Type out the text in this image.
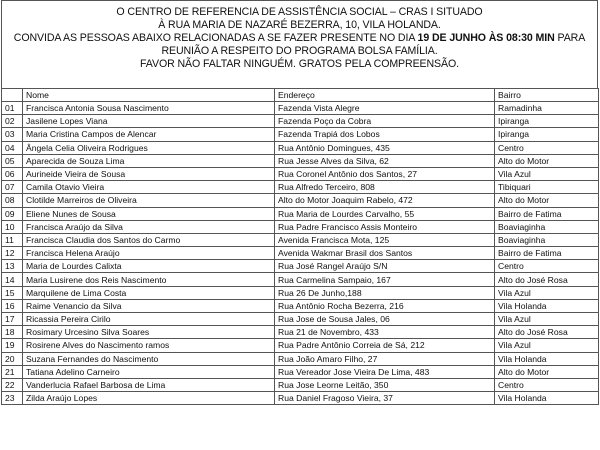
O CENTRO DE REFERENCIA DE ASSISTÊNCIA SOCIAL – CRAS I SITUADO
À RUA MARIA DE NAZARÉ BEZERRA, 10, VILA HOLANDA.
CONVIDA AS PESSOAS ABAIXO RELACIONADAS A SE FAZER PRESENTE NO DIA 19 DE JUNHO ÀS 08:30 MIN PARA
REUNIÃO A RESPEITO DO PROGRAMA BOLSA FAMÍLIA.
FAVOR NÃO FALTAR NINGUÉM. GRATOS PELA COMPREENSÃO.
	Nome	Endereço	Bairro
01	Francisca Antonia Sousa Nascimento	Fazenda Vista Alegre	Ramadinha
02	Jasilene Lopes Viana	Fazenda Poço da Cobra	Ipiranga
03	Maria Cristina Campos de Alencar	Fazenda Trapiá dos Lobos	Ipiranga
04	Ângela Celia Oliveira Rodrigues	Rua Antônio Domingues, 435	Centro
05	Aparecida de Souza Lima	Rua Jesse Alves da Silva, 62	Alto do Motor
06	Aurineide Vieira de Sousa	Rua Coronel Antônio dos Santos, 27	Vila Azul
07	Camila Otavio Vieira	Rua Alfredo Terceiro, 808	Tibiquari
08	Clotilde Marreiros de Oliveira	Alto do Motor Joaquim Rabelo, 472	Alto do Motor
09	Eliene Nunes de Sousa	Rua Maria de Lourdes Carvalho, 55	Bairro de Fatima
10	Francisca Araújo da Silva	Rua Padre Francisco Assis Monteiro	Boaviaginha
11	Francisca Claudia dos Santos do Carmo	Avenida Francisca Mota, 125	Boaviaginha
12	Francisca Helena Araújo	Avenida Wakmar Brasil dos Santos	Bairro de Fatima
13	Maria de Lourdes Calixta	Rua José Rangel Araújo S/N	Centro
14	Maria Lusirene dos Reis Nascimento	Rua Carmelina Sampaio, 167	Alto do José Rosa
15	Marquilene de Lima Costa	Rua 26 De Junho,188	Vila Azul
16	Raime Venancio da Silva	Rua Antônio Rocha Bezerra, 216	Vila Holanda
17	Ricassia Pereira Cirilo	Rua Jose de Sousa Jales, 06	Vila Azul
18	Rosimary Urcesino Silva Soares	Rua 21 de Novembro, 433	Alto do José Rosa
19	Rosirene Alves do Nascimento ramos	Rua Padre Antônio Correia de Sá, 212	Vila Azul
20	Suzana Fernandes do Nascimento	Rua João Amaro Filho, 27	Vila Holanda
21	Tatiana Adelino Carneiro	Rua Vereador Jose Vieira De Lima, 483	Alto do Motor
22	Vanderlucia Rafael Barbosa de Lima	Rua Jose Leorne Leitão, 350	Centro
23	Zilda Araújo Lopes	Rua Daniel Fragoso Vieira, 37	Vila Holanda
